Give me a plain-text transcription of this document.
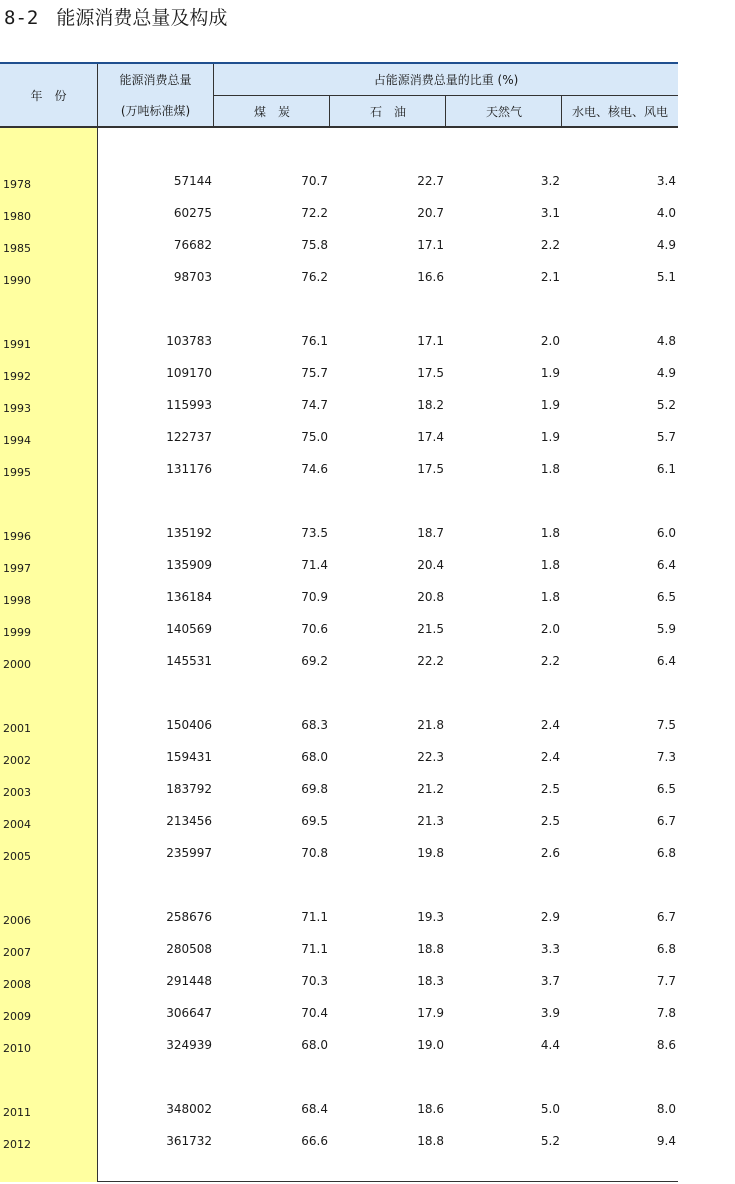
8-2 能源消费总量及构成
年　份
能源消费总量
(万吨标准煤)
占能源消费总量的比重 (%)
煤　炭	石　油	天然气	水电、核电、风电
1978	57144	70.7	22.7	3.2	3.4
1980	60275	72.2	20.7	3.1	4.0
1985	76682	75.8	17.1	2.2	4.9
1990	98703	76.2	16.6	2.1	5.1
1991	103783	76.1	17.1	2.0	4.8
1992	109170	75.7	17.5	1.9	4.9
1993	115993	74.7	18.2	1.9	5.2
1994	122737	75.0	17.4	1.9	5.7
1995	131176	74.6	17.5	1.8	6.1
1996	135192	73.5	18.7	1.8	6.0
1997	135909	71.4	20.4	1.8	6.4
1998	136184	70.9	20.8	1.8	6.5
1999	140569	70.6	21.5	2.0	5.9
2000	145531	69.2	22.2	2.2	6.4
2001	150406	68.3	21.8	2.4	7.5
2002	159431	68.0	22.3	2.4	7.3
2003	183792	69.8	21.2	2.5	6.5
2004	213456	69.5	21.3	2.5	6.7
2005	235997	70.8	19.8	2.6	6.8
2006	258676	71.1	19.3	2.9	6.7
2007	280508	71.1	18.8	3.3	6.8
2008	291448	70.3	18.3	3.7	7.7
2009	306647	70.4	17.9	3.9	7.8
2010	324939	68.0	19.0	4.4	8.6
2011	348002	68.4	18.6	5.0	8.0
2012	361732	66.6	18.8	5.2	9.4
